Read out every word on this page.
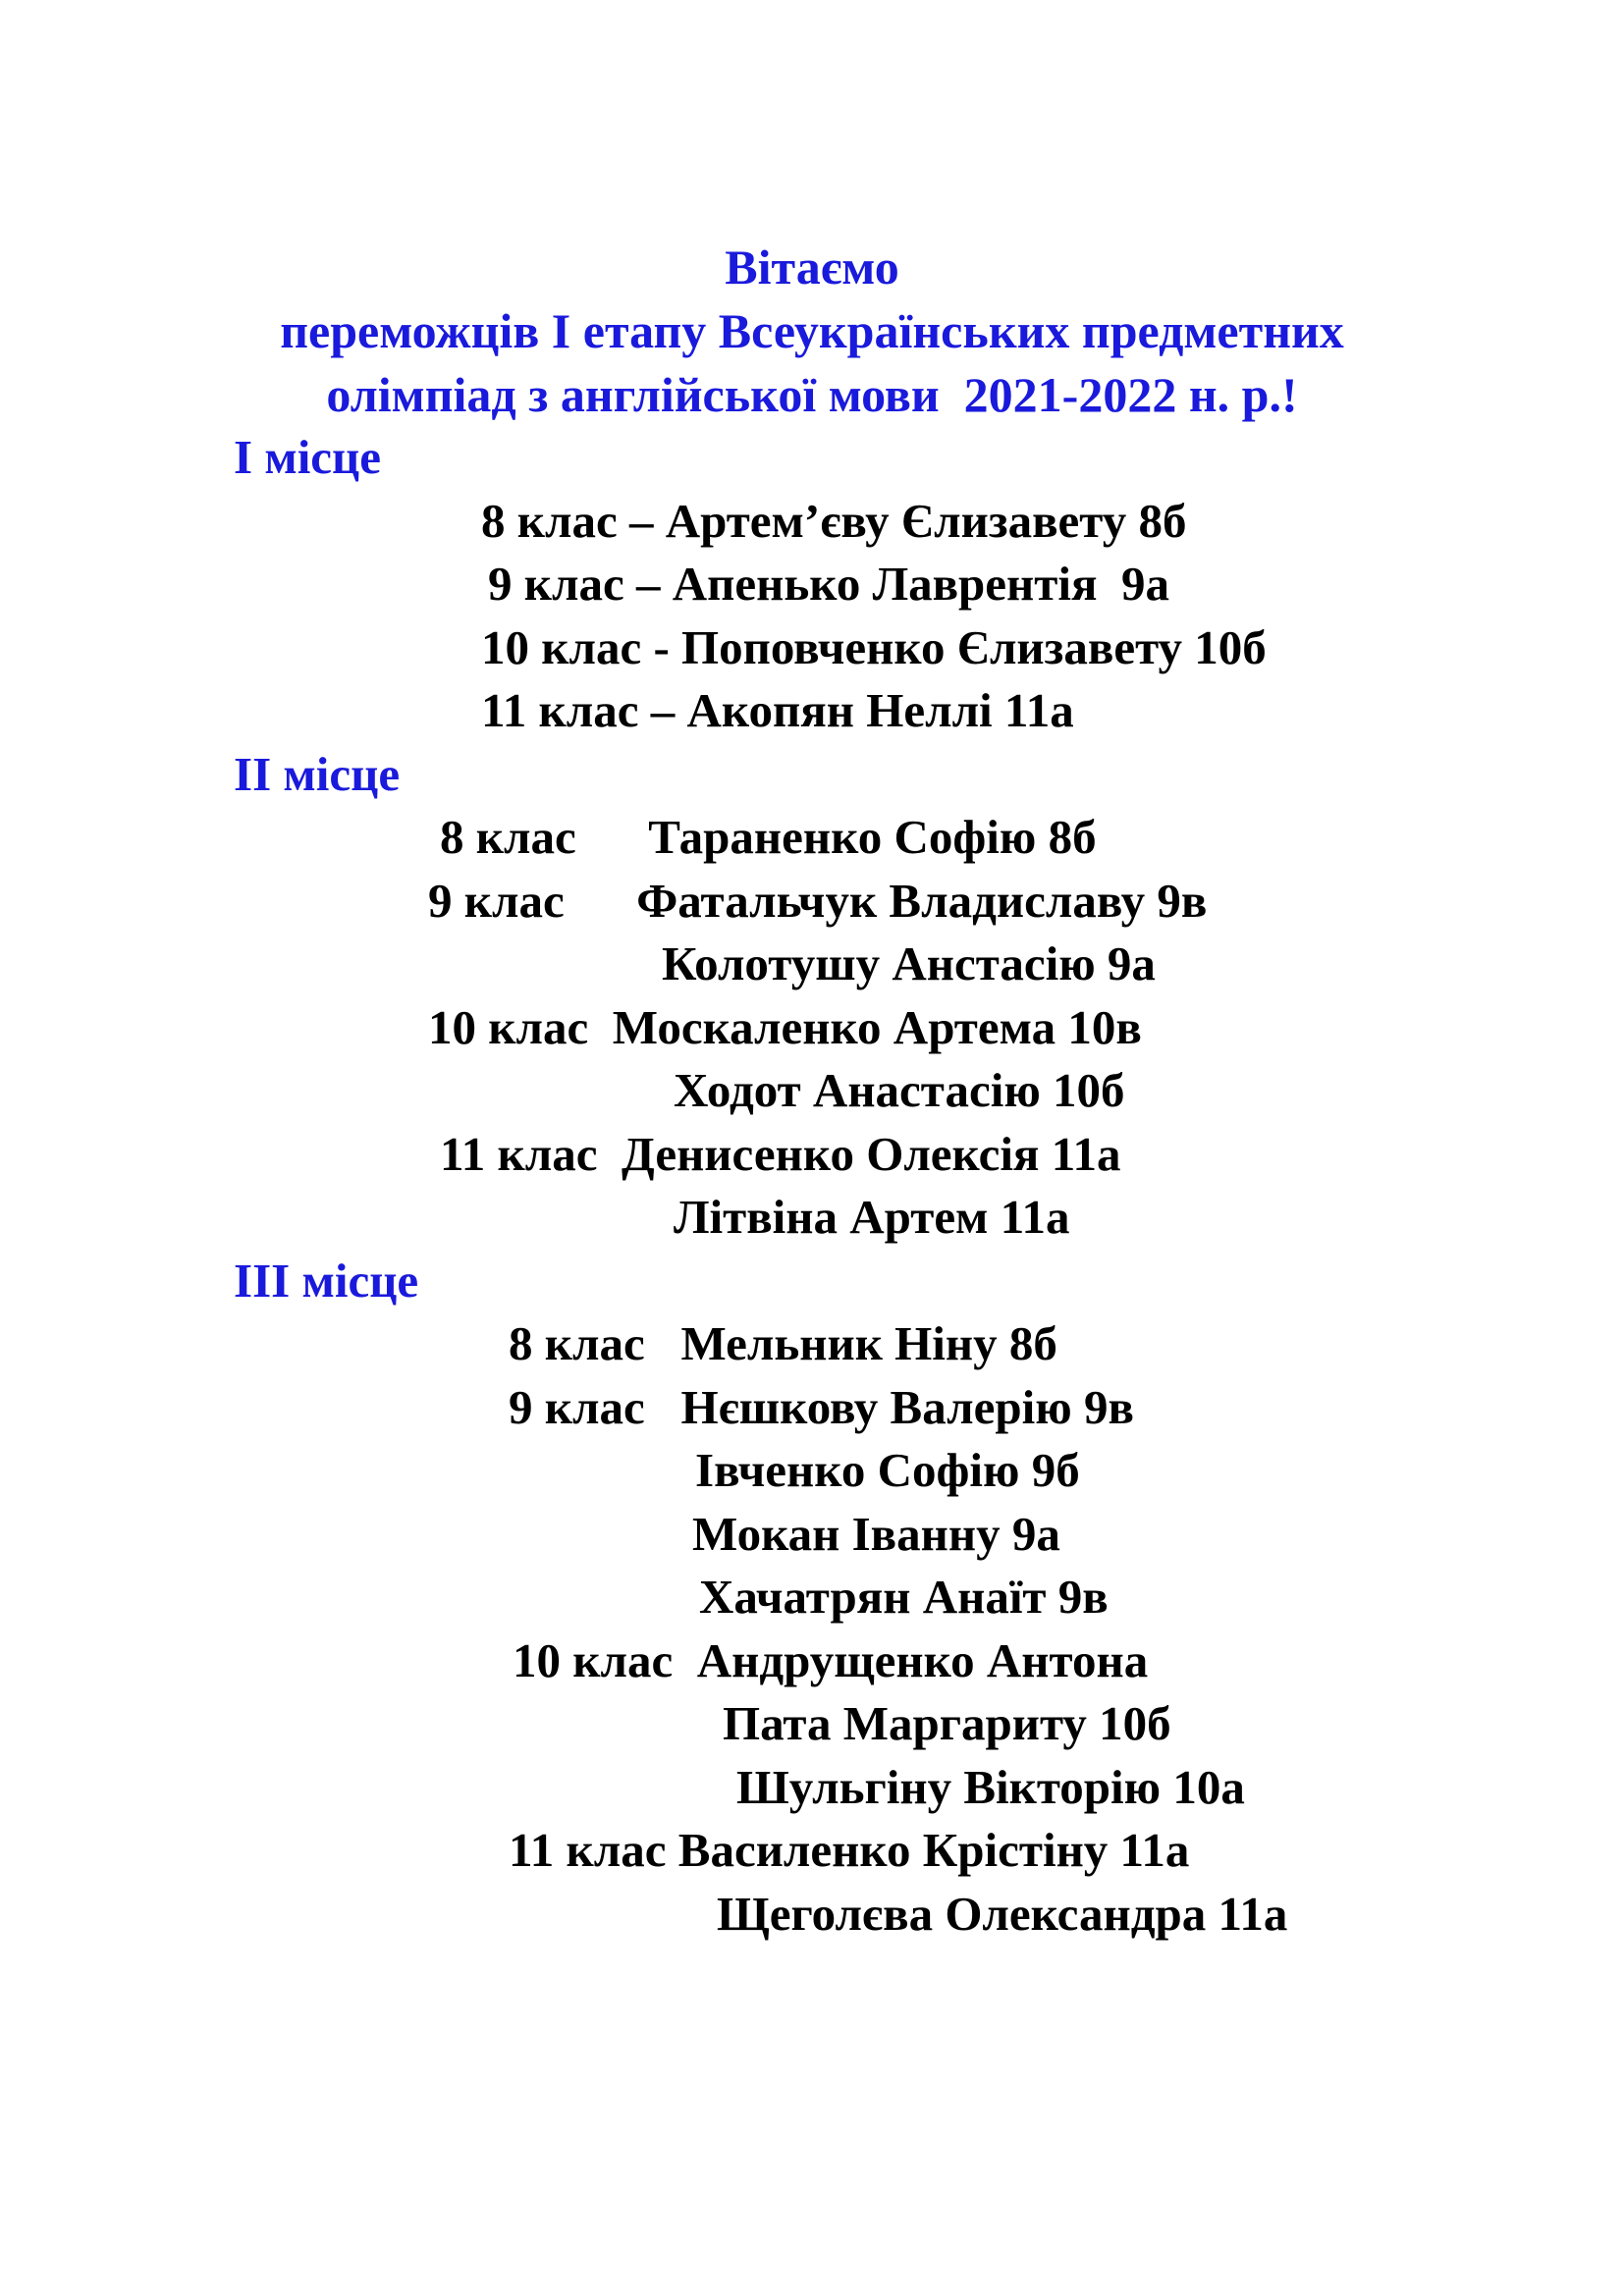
Вітаємо
переможців І етапу Всеукраїнських предметних
олімпіад з англійської мови  2021-2022 н. р.!
І місце
8 клас – Артем’єву Єлизавету 8б
9 клас – Апенько Лаврентія  9а
10 клас - Поповченко Єлизавету 10б
11 клас – Акопян Неллі 11а
ІІ місце
8 клас      Тараненко Софію 8б
9 клас      Фатальчук Владиславу 9в
Колотушу Анстасію 9а
10 клас  Москаленко Артема 10в
Ходот Анастасію 10б
11 клас  Денисенко Олексія 11а
Літвіна Артем 11а
ІІІ місце
8 клас   Мельник Ніну 8б
9 клас   Нєшкову Валерію 9в
Івченко Софію 9б
Мокан Іванну 9а
Хачатрян Анаїт 9в
10 клас  Андрущенко Антона
Пата Маргариту 10б
Шульгіну Вікторію 10а
11 клас Василенко Крістіну 11а
Щеголєва Олександра 11а
